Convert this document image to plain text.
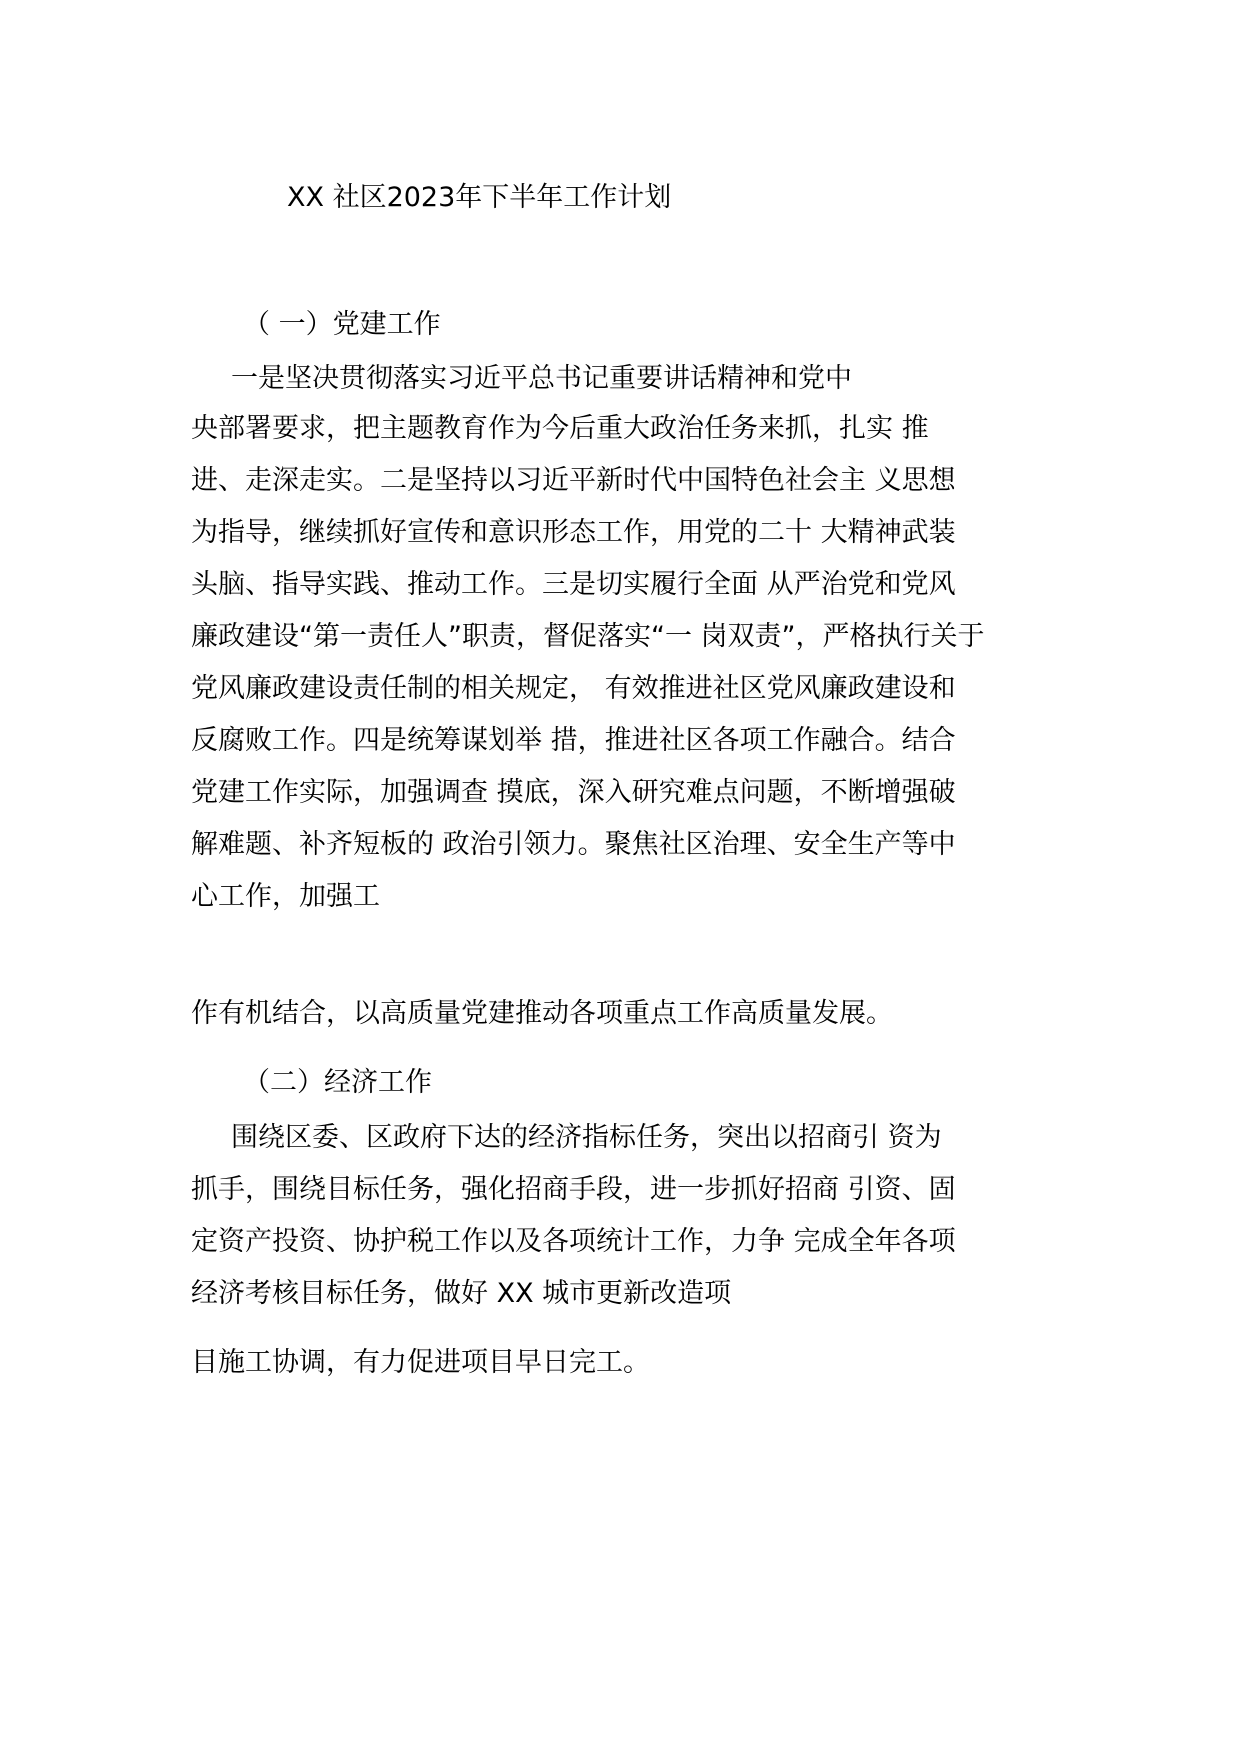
XX 社区2023年下半年工作计划
（ 一）党建工作
一是坚决贯彻落实习近平总书记重要讲话精神和党中
央部署要求，把主题教育作为今后重大政治任务来抓，扎实 推
进、走深走实。二是坚持以习近平新时代中国特色社会主 义思想
为指导，继续抓好宣传和意识形态工作，用党的二十 大精神武装
头脑、指导实践、推动工作。三是切实履行全面 从严治党和党风
廉政建设“第一责任人”职责，督促落实“一 岗双责”，严格执行关于
党风廉政建设责任制的相关规定， 有效推进社区党风廉政建设和
反腐败工作。四是统筹谋划举 措，推进社区各项工作融合。结合
党建工作实际，加强调查 摸底，深入研究难点问题，不断增强破
解难题、补齐短板的 政治引领力。聚焦社区治理、安全生产等中
心工作，加强工
作有机结合，以高质量党建推动各项重点工作高质量发展。
（二）经济工作
围绕区委、区政府下达的经济指标任务，突出以招商引 资为
抓手，围绕目标任务，强化招商手段，进一步抓好招商 引资、固
定资产投资、协护税工作以及各项统计工作，力争 完成全年各项
经济考核目标任务，做好 XX 城市更新改造项
目施工协调，有力促进项目早日完工。
